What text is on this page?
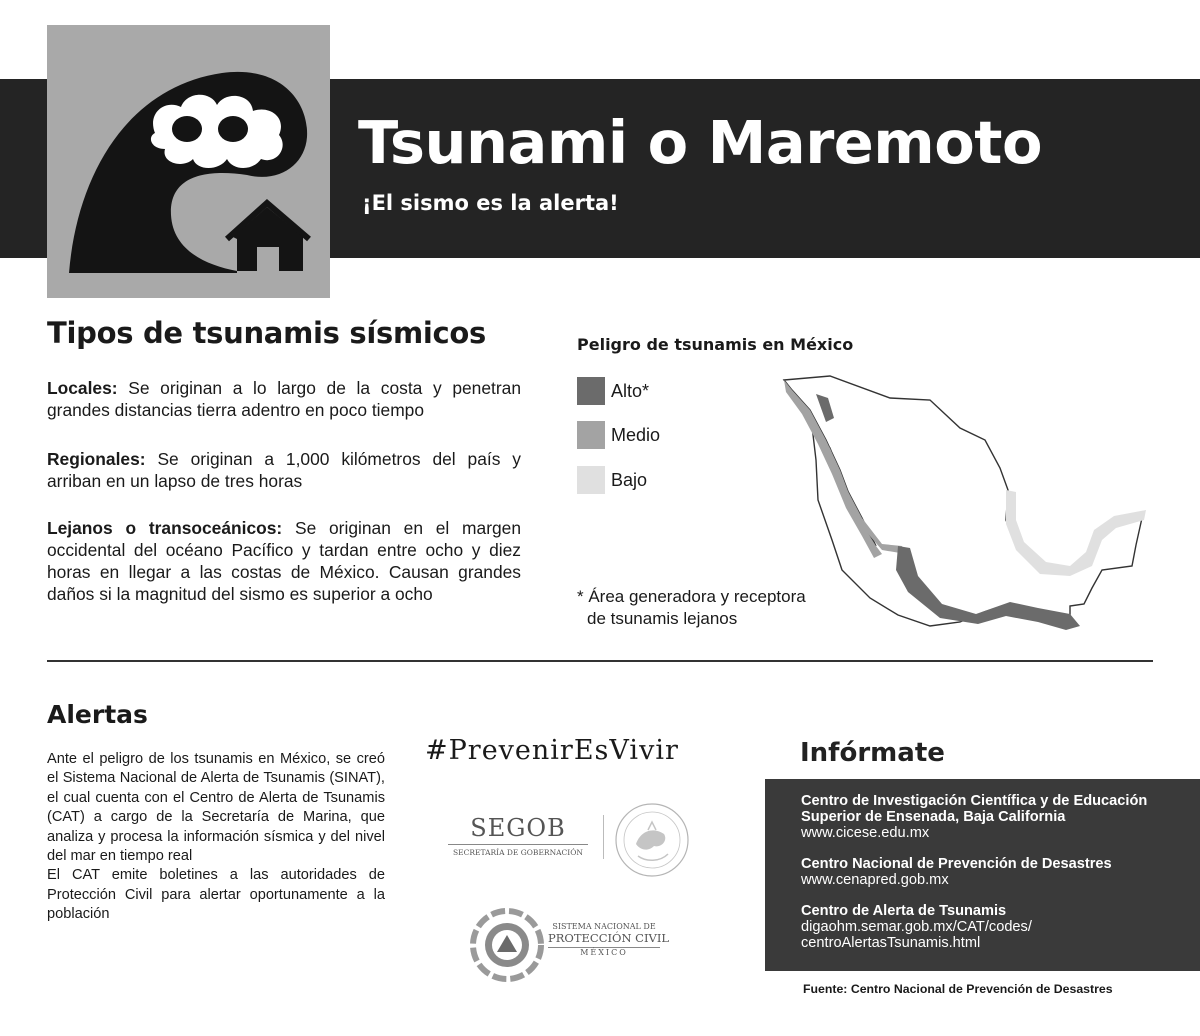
Tsunami o Maremoto
¡El sismo es la alerta!
Tipos de tsunamis sísmicos
Locales: Se originan a lo largo de la costa y penetran grandes distancias tierra adentro en poco tiempo
Regionales: Se originan a 1,000 kilómetros del país y arriban en un lapso de tres horas
Lejanos o transoceánicos: Se originan en el margen occidental del océano Pacífico y tardan entre ocho y diez horas en llegar a las costas de México. Causan grandes daños si la magnitud del sismo es superior a ocho
Peligro de tsunamis en México
Alto*
Medio
Bajo
* Área generadora y receptora
de tsunamis lejanos
Alertas

Ante el peligro de los tsunamis en México, se creó el Sistema Nacional de Alerta de Tsunamis (SINAT), el cual cuenta con el Centro de Alerta de Tsunamis (CAT) a cargo de la Secretaría de Marina, que analiza y procesa la información sísmica y del nivel del mar en tiempo real

El CAT emite boletines a las autoridades de Protección Civil para alertar oportunamente a la población

#PrevenirEsVivir
SEGOB
SECRETARÍA DE GOBERNACIÓN
SISTEMA NACIONAL DE
PROTECCIÓN CIVIL
MÉXICO
Infórmate
Centro de Investigación Científica y de Educación
Superior de Ensenada, Baja California
www.cicese.edu.mx
Centro Nacional de Prevención de Desastres
www.cenapred.gob.mx
Centro de Alerta de Tsunamis
digaohm.semar.gob.mx/CAT/codes/
centroAlertasTsunamis.html
Fuente: Centro Nacional de Prevención de Desastres
